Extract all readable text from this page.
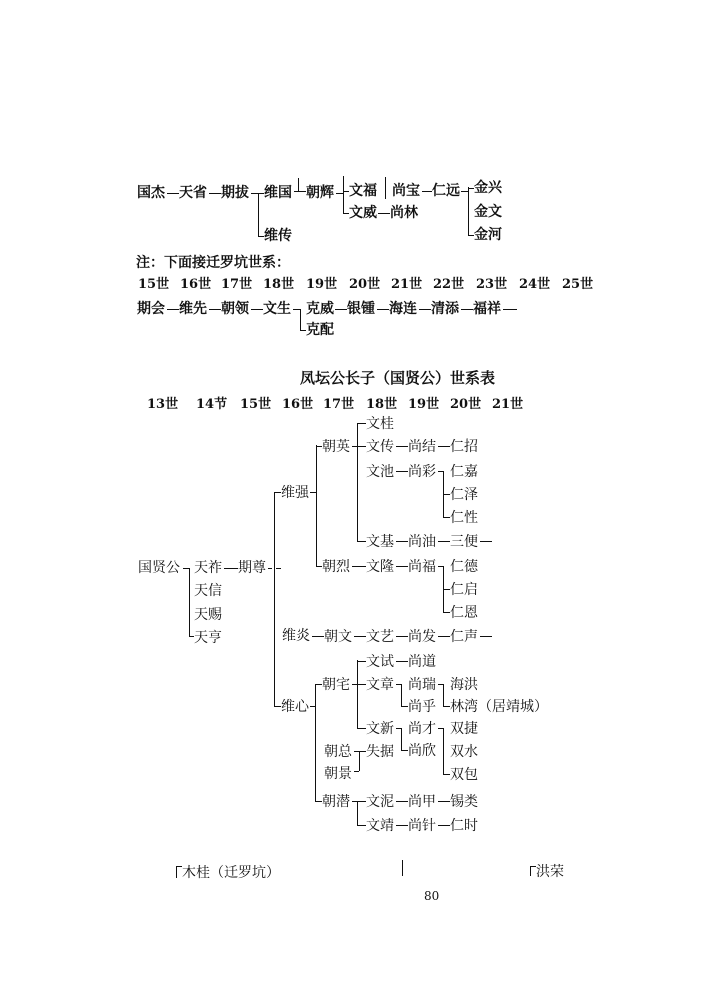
国杰 天省 期拔 维国
维传
朝辉 文福
文威 尚林
尚宝 仁远 金兴
金文
金河
注：下面接迁罗坑世系：
15世 16世 17世 18世 19世 20世 21世 22世 23世 24世 25世
期会 维先 朝领 文生 克威
克配
银锺 海连 清添 福祥
凤坛公长子（国贤公）世系表
13世 14节 15世 16世 17世 18世 19世 20世 21世
国贤公 天祚 期尊
天信
天赐
天亨
维强
维炎
维心
朝英
文桂
文传 尚结 仁招
文池 尚彩 仁嘉
仁泽
仁性
文基 尚油 三便
朝烈 文隆 尚福 仁德
仁启
仁恩
朝文 文艺 尚发 仁声
朝宅
文试 尚道
文章 尚瑞
尚乎
海洪
林湾（居靖城）
文新 尚才
尚欣
双捷
双水
双包
朝总 失据
朝景
朝潜 文泥 尚甲 锡类
文靖 尚针 仁时
木桂（迁罗坑）	洪荣
80
